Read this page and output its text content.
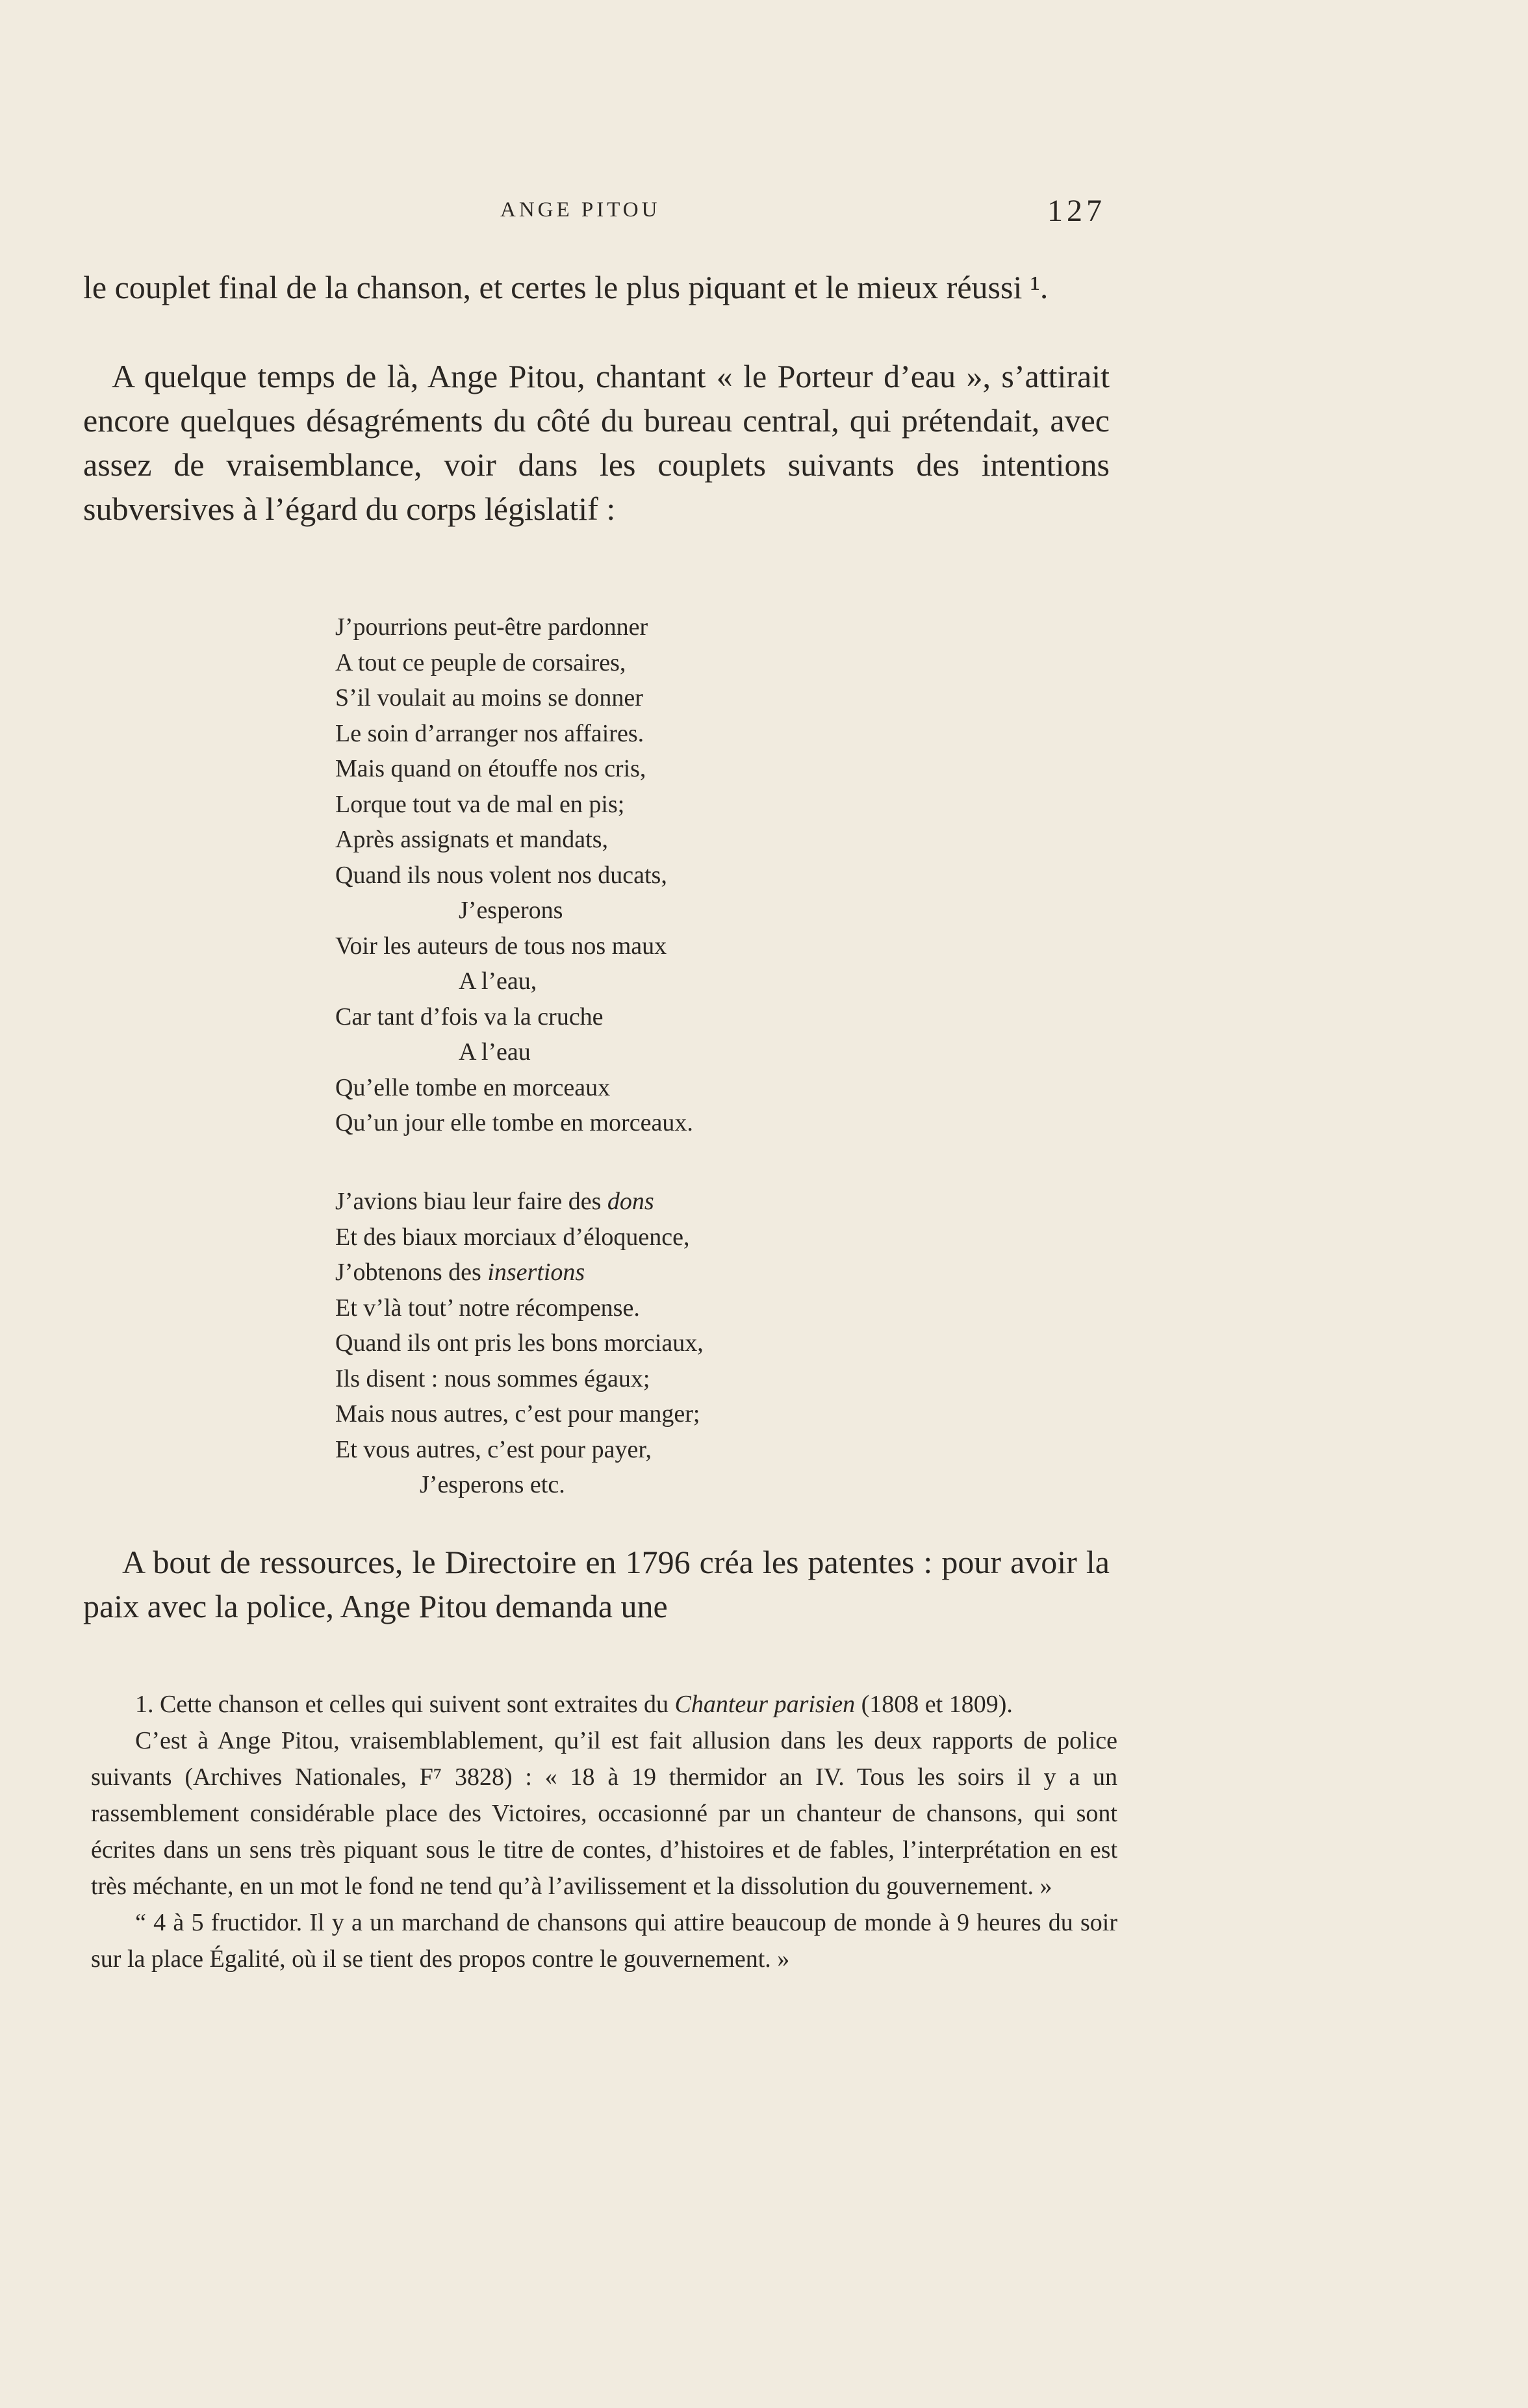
ANGE PITOU	127
le couplet final de la chanson, et certes le plus piquant et le mieux réussi ¹.
A quelque temps de là, Ange Pitou, chantant « le Porteur d’eau », s’attirait encore quelques désagréments du côté du bureau central, qui prétendait, avec assez de vraisemblance, voir dans les couplets suivants des intentions subversives à l’égard du corps législatif :
J’pourrions peut-être pardonner
A tout ce peuple de corsaires,
S’il voulait au moins se donner
Le soin d’arranger nos affaires.
Mais quand on étouffe nos cris,
Lorque tout va de mal en pis;
Après assignats et mandats,
Quand ils nous volent nos ducats,
J’esperons
Voir les auteurs de tous nos maux
A l’eau,
Car tant d’fois va la cruche
A l’eau
Qu’elle tombe en morceaux
Qu’un jour elle tombe en morceaux.
J’avions biau leur faire des dons
Et des biaux morciaux d’éloquence,
J’obtenons des insertions
Et v’là tout’ notre récompense.
Quand ils ont pris les bons morciaux,
Ils disent : nous sommes égaux;
Mais nous autres, c’est pour manger;
Et vous autres, c’est pour payer,
J’esperons etc.
A bout de ressources, le Directoire en 1796 créa les patentes : pour avoir la paix avec la police, Ange Pitou demanda une

1. Cette chanson et celles qui suivent sont extraites du Chanteur parisien (1808 et 1809).

C’est à Ange Pitou, vraisemblablement, qu’il est fait allusion dans les deux rapports de police suivants (Archives Nationales, F⁷ 3828) : « 18 à 19 thermidor an IV. Tous les soirs il y a un rassemblement considérable place des Victoires, occasionné par un chanteur de chansons, qui sont écrites dans un sens très piquant sous le titre de contes, d’histoires et de fables, l’interprétation en est très méchante, en un mot le fond ne tend qu’à l’avilissement et la dissolution du gouvernement. »

“ 4 à 5 fructidor. Il y a un marchand de chansons qui attire beaucoup de monde à 9 heures du soir sur la place Égalité, où il se tient des propos contre le gouvernement. »
